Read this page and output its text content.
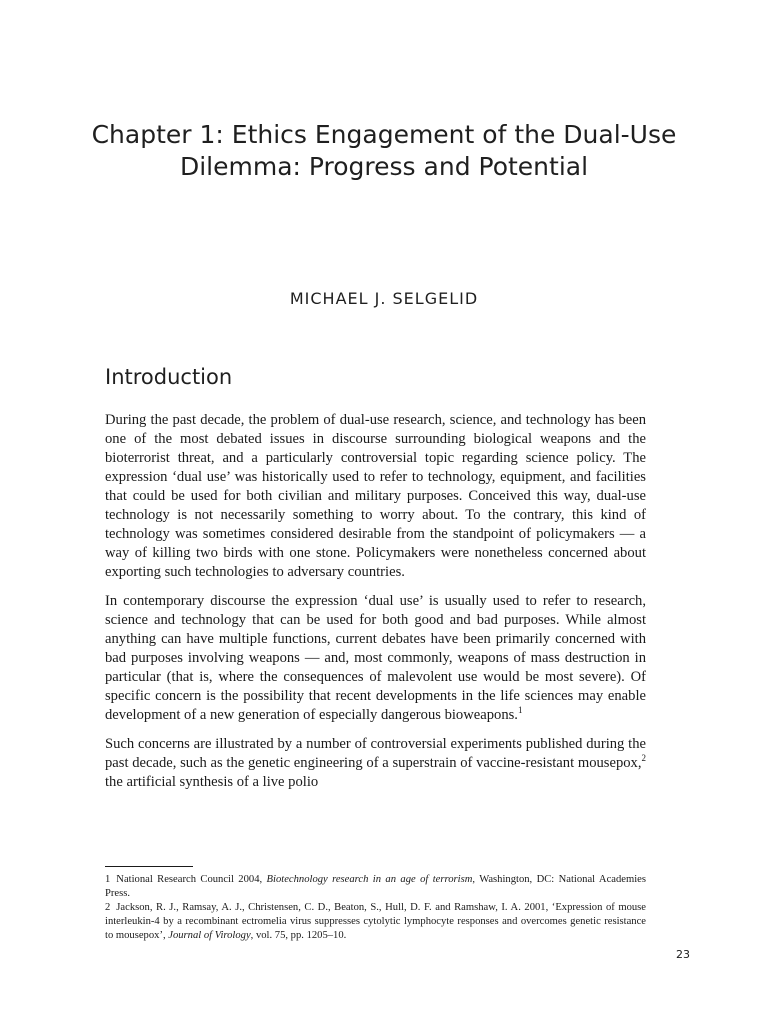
Chapter 1: Ethics Engagement of the Dual-Use Dilemma: Progress and Potential
MICHAEL J. SELGELID
Introduction

During the past decade, the problem of dual-use research, science, and technology has been one of the most debated issues in discourse surrounding biological weapons and the bioterrorist threat, and a particularly controversial topic regarding science policy. The expression ‘dual use’ was historically used to refer to technology, equipment, and facilities that could be used for both civilian and military purposes. Conceived this way, dual-use technology is not necessarily something to worry about. To the contrary, this kind of technology was sometimes considered desirable from the standpoint of policymakers — a way of killing two birds with one stone. Policymakers were nonetheless concerned about exporting such technologies to adversary countries.

In contemporary discourse the expression ‘dual use’ is usually used to refer to research, science and technology that can be used for both good and bad purposes. While almost anything can have multiple functions, current debates have been primarily concerned with bad purposes involving weapons — and, most commonly, weapons of mass destruction in particular (that is, where the consequences of malevolent use would be most severe). Of specific concern is the possibility that recent developments in the life sciences may enable development of a new generation of especially dangerous bioweapons.$^1$

Such concerns are illustrated by a number of controversial experiments published during the past decade, such as the genetic engineering of a superstrain of vaccine-resistant mousepox,$^2$ the artificial synthesis of a live polio

1 National Research Council 2004, Biotechnology research in an age of terrorism, Washington, DC: National Academies Press.
2 Jackson, R. J., Ramsay, A. J., Christensen, C. D., Beaton, S., Hull, D. F. and Ramshaw, I. A. 2001, ‘Expression of mouse interleukin-4 by a recombinant ectromelia virus suppresses cytolytic lymphocyte responses and overcomes genetic resistance to mousepox’, Journal of Virology, vol. 75, pp. 1205–10.
23
